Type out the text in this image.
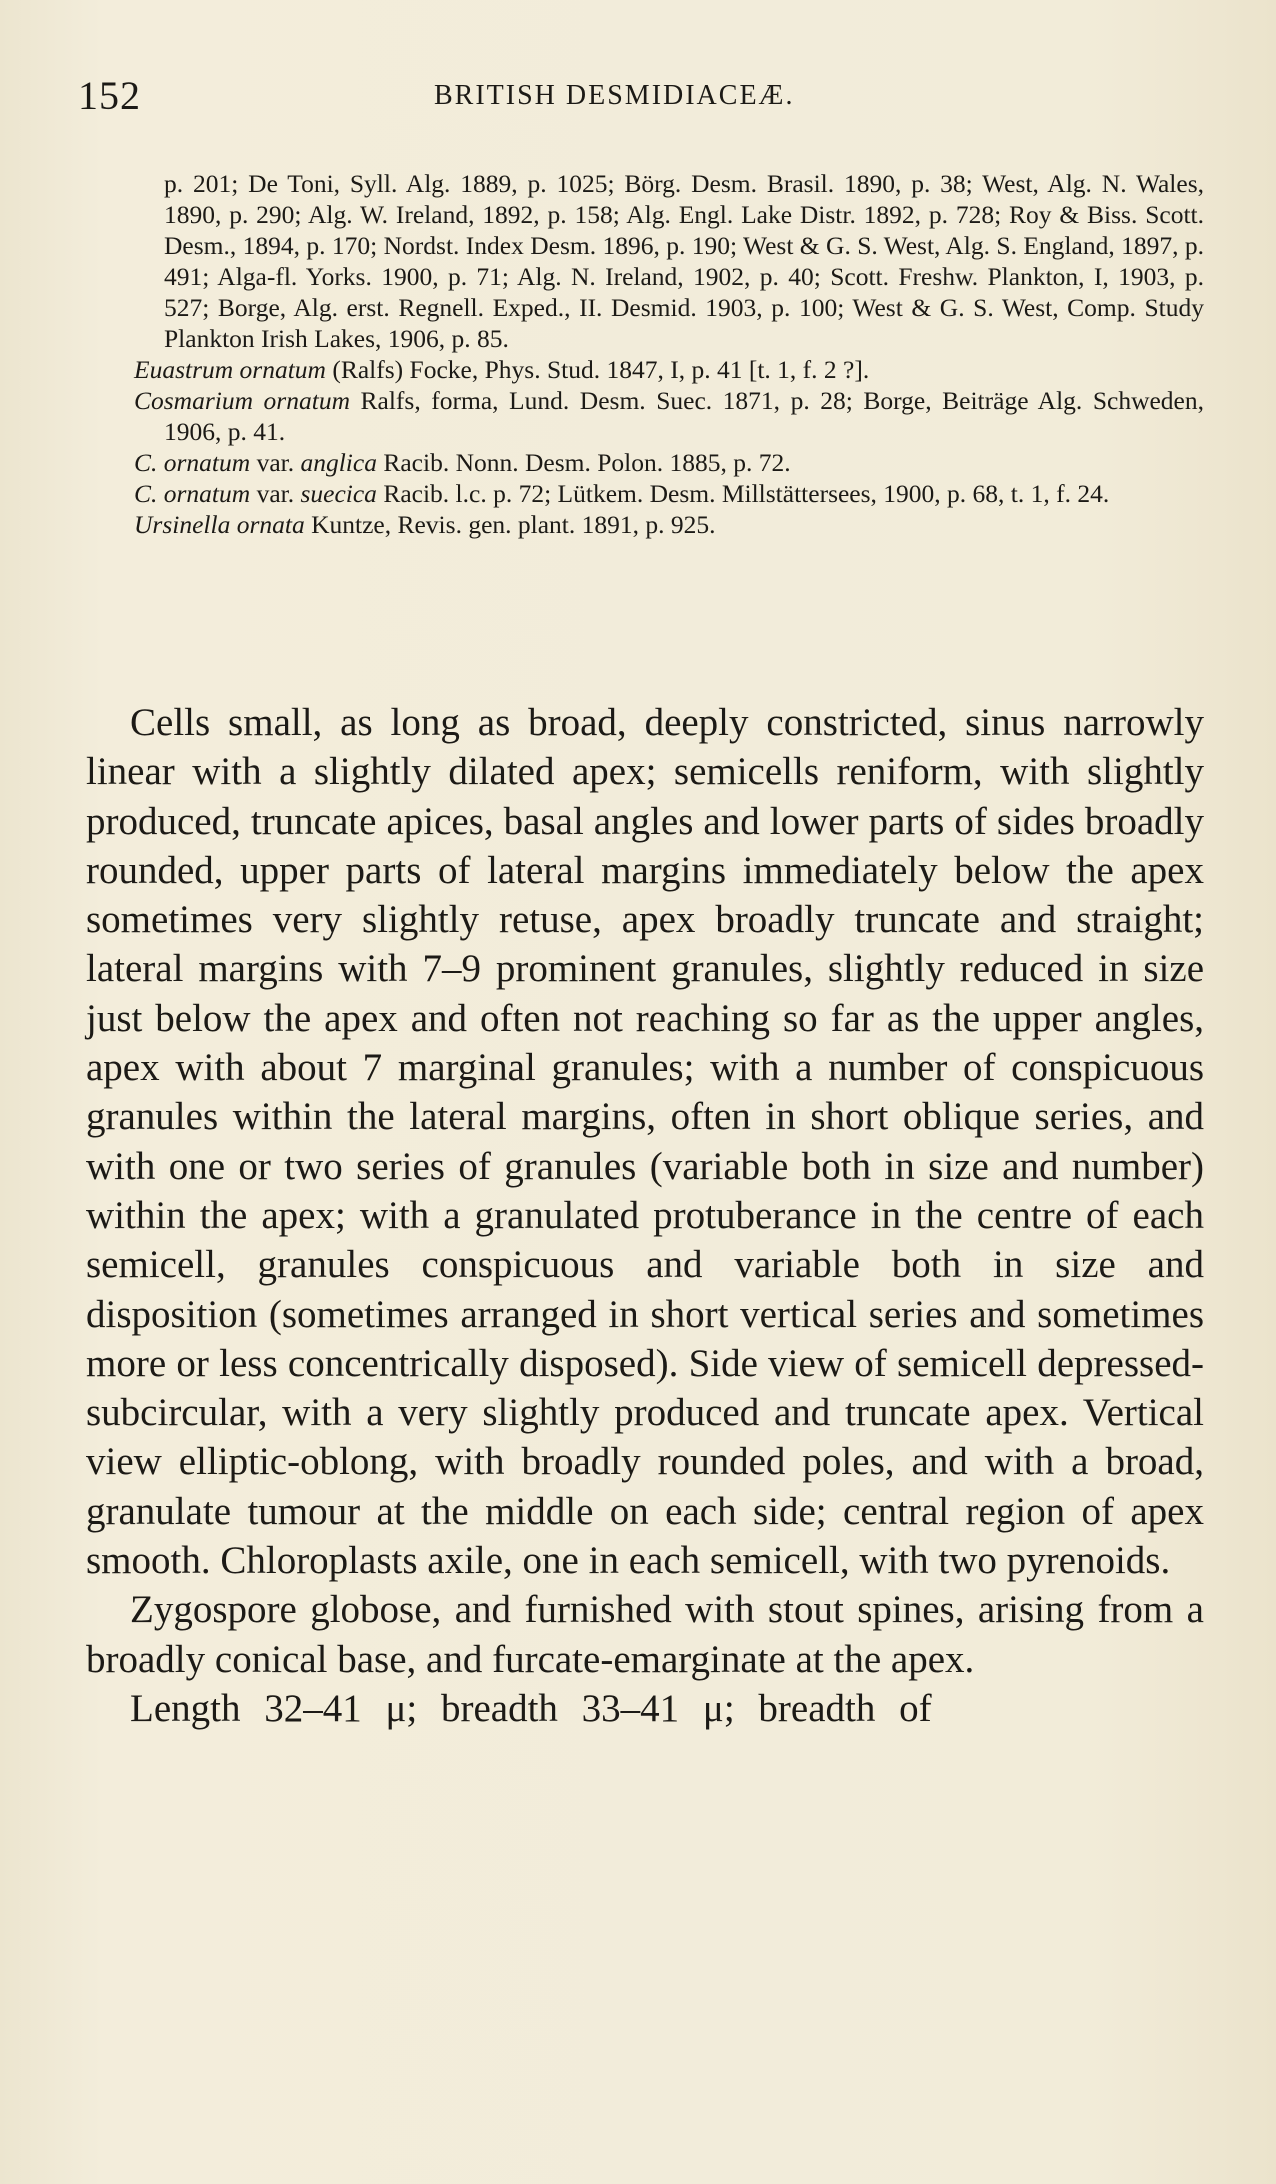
152	BRITISH DESMIDIACEÆ.

p. 201; De Toni, Syll. Alg. 1889, p. 1025; Börg. Desm. Brasil. 1890, p. 38; West, Alg. N. Wales, 1890, p. 290; Alg. W. Ireland, 1892, p. 158; Alg. Engl. Lake Distr. 1892, p. 728; Roy & Biss. Scott. Desm., 1894, p. 170; Nordst. Index Desm. 1896, p. 190; West & G. S. West, Alg. S. England, 1897, p. 491; Alga-fl. Yorks. 1900, p. 71; Alg. N. Ireland, 1902, p. 40; Scott. Freshw. Plankton, I, 1903, p. 527; Borge, Alg. erst. Regnell. Exped., II. Desmid. 1903, p. 100; West & G. S. West, Comp. Study Plankton Irish Lakes, 1906, p. 85.

Euastrum ornatum (Ralfs) Focke, Phys. Stud. 1847, I, p. 41 [t. 1, f. 2 ?].

Cosmarium ornatum Ralfs, forma, Lund. Desm. Suec. 1871, p. 28; Borge, Beiträge Alg. Schweden, 1906, p. 41.

C. ornatum var. anglica Racib. Nonn. Desm. Polon. 1885, p. 72.

C. ornatum var. suecica Racib. l.c. p. 72; Lütkem. Desm. Millstättersees, 1900, p. 68, t. 1, f. 24.

Ursinella ornata Kuntze, Revis. gen. plant. 1891, p. 925.

Cells small, as long as broad, deeply constricted, sinus narrowly linear with a slightly dilated apex; semicells reniform, with slightly produced, truncate apices, basal angles and lower parts of sides broadly rounded, upper parts of lateral margins immediately below the apex sometimes very slightly retuse, apex broadly truncate and straight; lateral margins with 7–9 prominent granules, slightly reduced in size just below the apex and often not reaching so far as the upper angles, apex with about 7 marginal granules; with a number of conspicuous granules within the lateral margins, often in short oblique series, and with one or two series of granules (variable both in size and number) within the apex; with a granulated protuberance in the centre of each semicell, granules conspicuous and variable both in size and disposition (sometimes arranged in short vertical series and sometimes more or less concentrically disposed). Side view of semicell depressed-subcircular, with a very slightly produced and truncate apex. Vertical view elliptic-oblong, with broadly rounded poles, and with a broad, granulate tumour at the middle on each side; central region of apex smooth. Chloroplasts axile, one in each semicell, with two pyrenoids.

Zygospore globose, and furnished with stout spines, arising from a broadly conical base, and furcate-emarginate at the apex.

Length 32–41 μ; breadth 33–41 μ; breadth of
